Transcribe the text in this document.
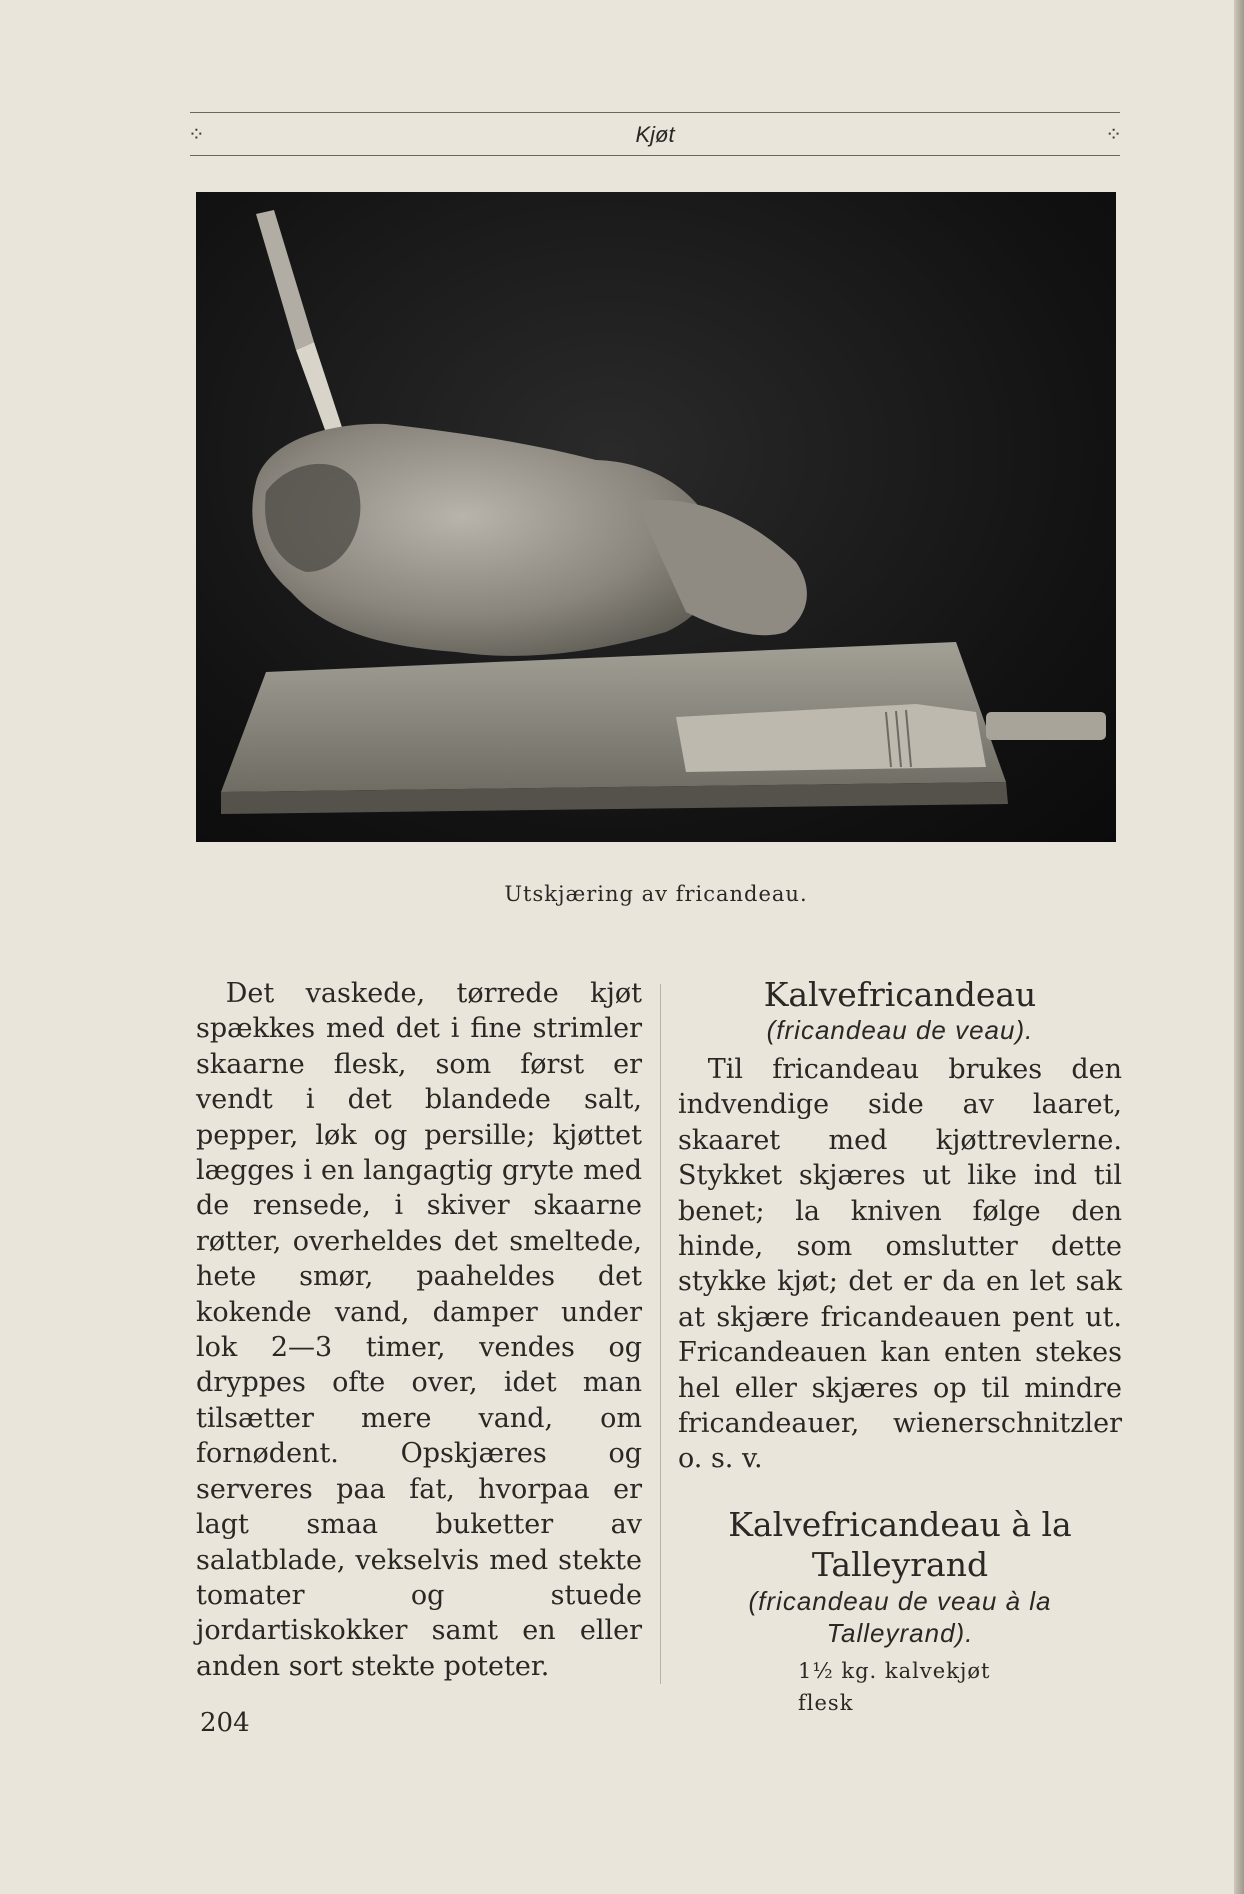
⁘	Kjøt	⁘
Utskjæring av fricandeau.

Det vaskede, tørrede kjøt spækkes med det i fine strimler skaarne flesk, som først er vendt i det blandede salt, pepper, løk og persille; kjøttet lægges i en langagtig gryte med de rensede, i skiver skaarne røtter, overheldes det smeltede, hete smør, paaheldes det kokende vand, damper under lok 2—3 timer, vendes og dryppes ofte over, idet man tilsætter mere vand, om fornødent. Opskjæres og serveres paa fat, hvorpaa er lagt smaa buketter av salatblade, vekselvis med stekte tomater og stuede jordartiskokker samt en eller anden sort stekte poteter.

Kalvefricandeau

(fricandeau de veau).

Til fricandeau brukes den indvendige side av laaret, skaaret med kjøttrevlerne. Stykket skjæres ut like ind til benet; la kniven følge den hinde, som omslutter dette stykke kjøt; det er da en let sak at skjære fricandeauen pent ut. Fricandeauen kan enten stekes hel eller skjæres op til mindre fricandeauer, wienerschnitzler o. s. v.

Kalvefricandeau à la Talleyrand

(fricandeau de veau à la Talleyrand).

1½ kg. kalvekjøt
flesk
204
